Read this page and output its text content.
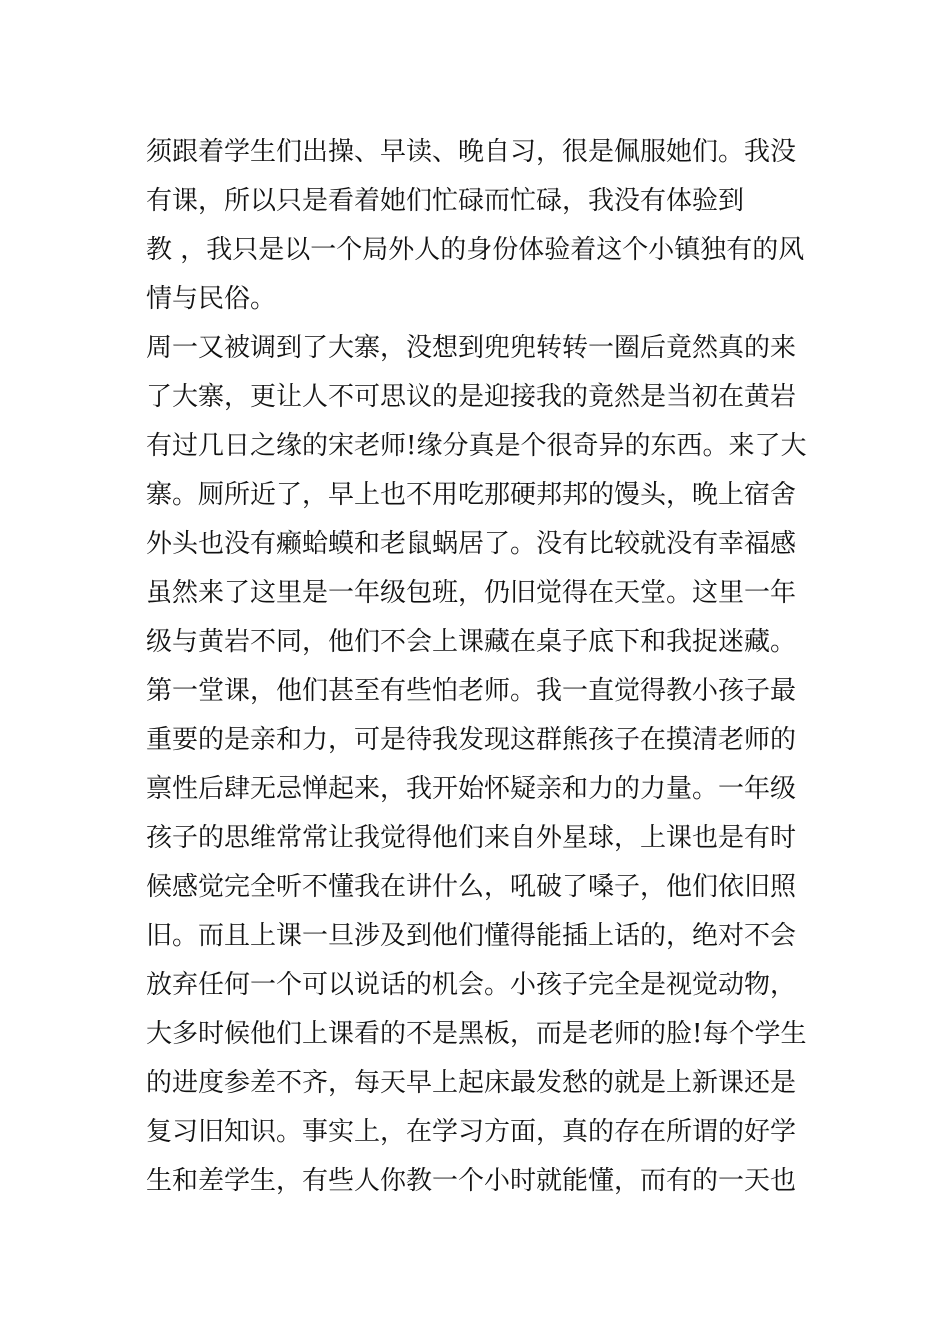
须跟着学生们出操、早读、晚自习，很是佩服她们。我没
有课，所以只是看着她们忙碌而忙碌，我没有体验到
教 ，我只是以一个局外人的身份体验着这个小镇独有的风
情与民俗。
周一又被调到了大寨，没想到兜兜转转一圈后竟然真的来
了大寨，更让人不可思议的是迎接我的竟然是当初在黄岩
有过几日之缘的宋老师!缘分真是个很奇异的东西。来了大
寨。厕所近了，早上也不用吃那硬邦邦的馒头，晚上宿舍
外头也没有癞蛤蟆和老鼠蜗居了。没有比较就没有幸福感
虽然来了这里是一年级包班，仍旧觉得在天堂。这里一年
级与黄岩不同，他们不会上课藏在桌子底下和我捉迷藏。
第一堂课，他们甚至有些怕老师。我一直觉得教小孩子最
重要的是亲和力，可是待我发现这群熊孩子在摸清老师的
禀性后肆无忌惮起来，我开始怀疑亲和力的力量。一年级
孩子的思维常常让我觉得他们来自外星球，上课也是有时
候感觉完全听不懂我在讲什么，吼破了嗓子，他们依旧照
旧。而且上课一旦涉及到他们懂得能插上话的，绝对不会
放弃任何一个可以说话的机会。小孩子完全是视觉动物，
大多时候他们上课看的不是黑板，而是老师的脸!每个学生
的进度参差不齐，每天早上起床最发愁的就是上新课还是
复习旧知识。事实上，在学习方面，真的存在所谓的好学
生和差学生，有些人你教一个小时就能懂，而有的一天也
